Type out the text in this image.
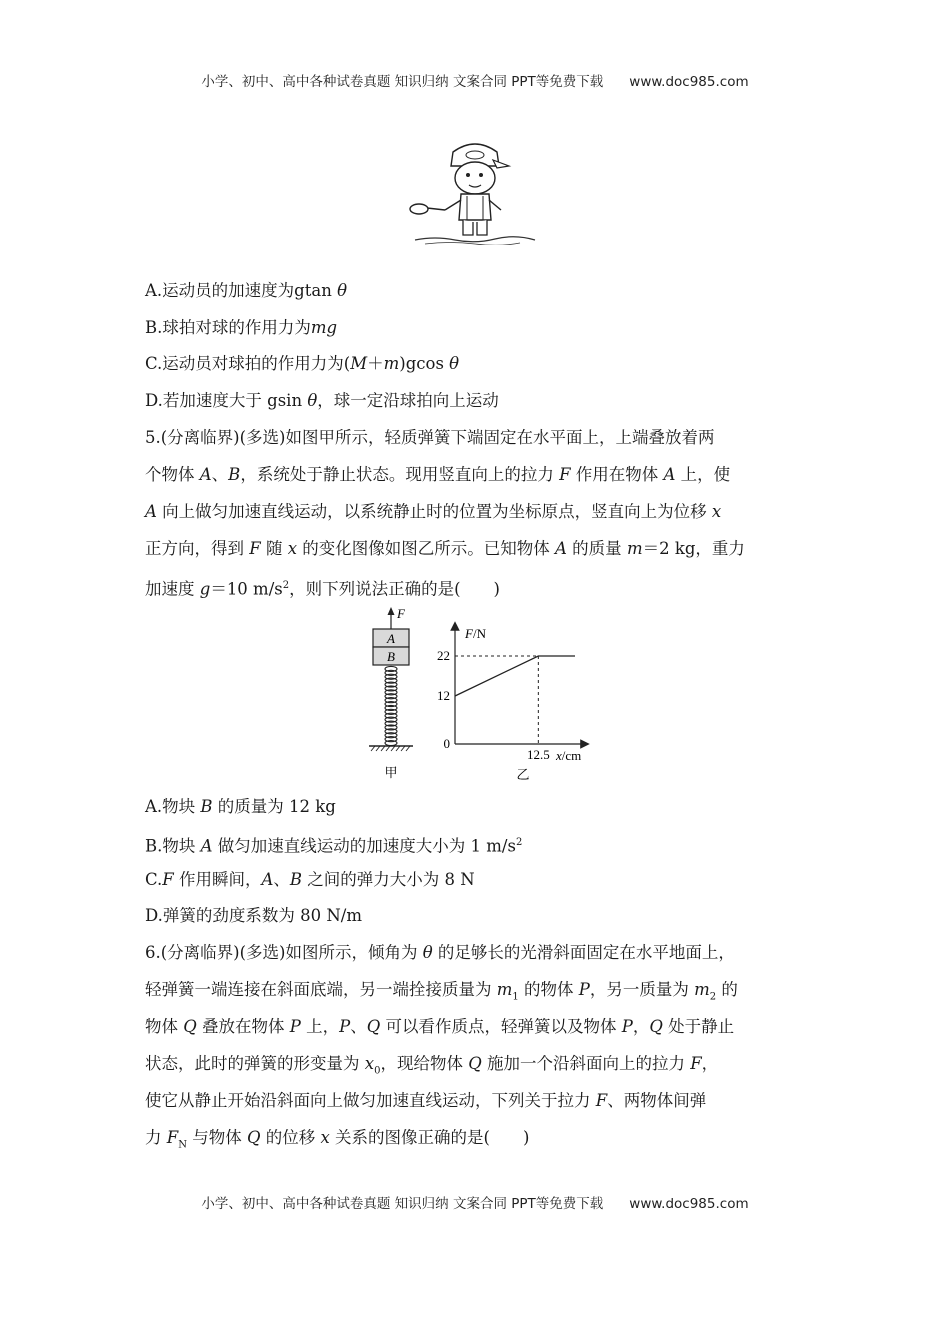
小学、初中、高中各种试卷真题 知识归纳 文案合同 PPT等免费下载 www.doc985.com
A.运动员的加速度为gtan θ
B.球拍对球的作用力为mg
C.运动员对球拍的作用力为(M＋m)gcos θ
D.若加速度大于 gsin θ，球一定沿球拍向上运动
5.(分离临界)(多选)如图甲所示，轻质弹簧下端固定在水平面上，上端叠放着两
个物体 A、B，系统处于静止状态。现用竖直向上的拉力 F 作用在物体 A 上，使
A 向上做匀加速直线运动，以系统静止时的位置为坐标原点，竖直向上为位移 x
正方向，得到 F 随 x 的变化图像如图乙所示。已知物体 A 的质量 m＝2 kg，重力
加速度 g＝10 $m/s^2$，则下列说法正确的是(　　)
F
A
B
甲
F/N
x/cm
0
12
22
12.5
乙
A.物块 B 的质量为 12 kg
B.物块 A 做匀加速直线运动的加速度大小为 1 $m/s^2$
C.F 作用瞬间，A、B 之间的弹力大小为 8 N
D.弹簧的劲度系数为 80 N/m
6.(分离临界)(多选)如图所示，倾角为 θ 的足够长的光滑斜面固定在水平地面上，
轻弹簧一端连接在斜面底端，另一端拴接质量为 $m_1$ 的物体 P，另一质量为 $m_2$ 的
物体 Q 叠放在物体 P 上，P、Q 可以看作质点，轻弹簧以及物体 P，Q 处于静止
状态，此时的弹簧的形变量为 $x_0$，现给物体 Q 施加一个沿斜面向上的拉力 F，
使它从静止开始沿斜面向上做匀加速直线运动，下列关于拉力 F、两物体间弹
力 $F_N$ 与物体 Q 的位移 x 关系的图像正确的是(　　)
小学、初中、高中各种试卷真题 知识归纳 文案合同 PPT等免费下载 www.doc985.com
